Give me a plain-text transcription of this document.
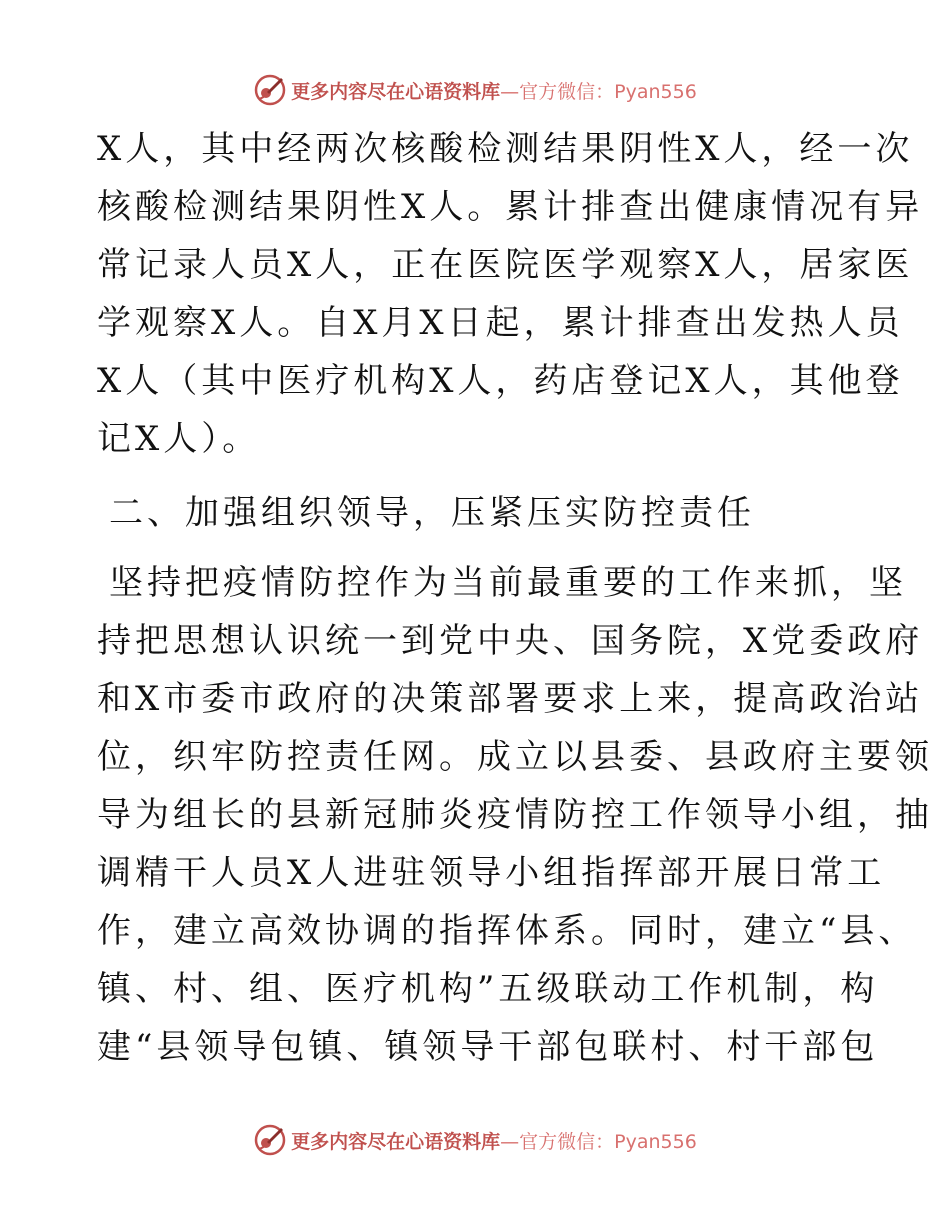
更多内容尽在心语资料库—官方微信：Pyan556

X人，其中经两次核酸检测结果阴性X人，经一次

核酸检测结果阴性X人。累计排查出健康情况有异

常记录人员X人，正在医院医学观察X人，居家医

学观察X人。自X月X日起，累计排查出发热人员

X人（其中医疗机构X人，药店登记X人，其他登

记X人）。

二、加强组织领导，压紧压实防控责任

坚持把疫情防控作为当前最重要的工作来抓，坚

持把思想认识统一到党中央、国务院，X党委政府

和X市委市政府的决策部署要求上来，提高政治站

位，织牢防控责任网。成立以县委、县政府主要领

导为组长的县新冠肺炎疫情防控工作领导小组，抽

调精干人员X人进驻领导小组指挥部开展日常工

作，建立高效协调的指挥体系。同时，建立“县、

镇、村、组、医疗机构”五级联动工作机制，构

建“县领导包镇、镇领导干部包联村、村干部包

更多内容尽在心语资料库—官方微信：Pyan556
